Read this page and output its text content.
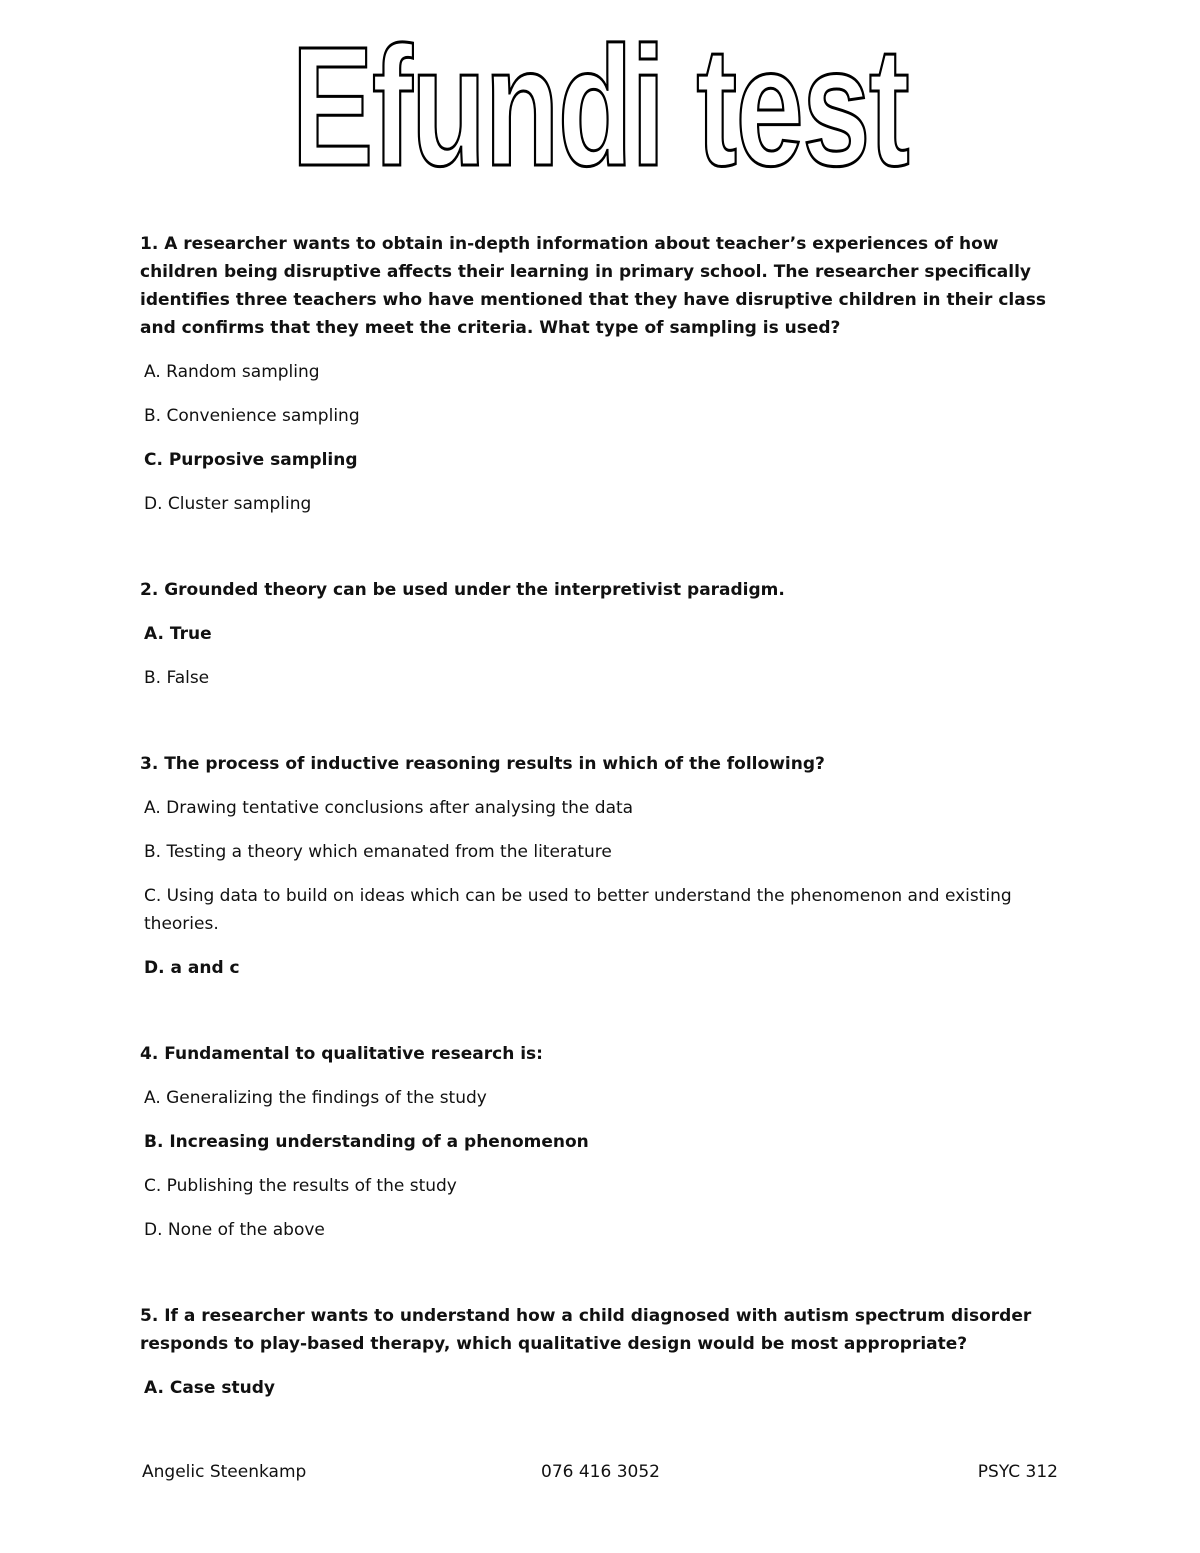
Efundi test

1. A researcher wants to obtain in-depth information about teacher’s experiences of how children being disruptive affects their learning in primary school. The researcher specifically identifies three teachers who have mentioned that they have disruptive children in their class and confirms that they meet the criteria. What type of sampling is used?

A. Random sampling

B. Convenience sampling

C. Purposive sampling

D. Cluster sampling

2. Grounded theory can be used under the interpretivist paradigm.

A. True

B. False

3. The process of inductive reasoning results in which of the following?

A. Drawing tentative conclusions after analysing the data

B. Testing a theory which emanated from the literature

C. Using data to build on ideas which can be used to better understand the phenomenon and existing theories.

D. a and c

4. Fundamental to qualitative research is:

A. Generalizing the findings of the study

B. Increasing understanding of a phenomenon

C. Publishing the results of the study

D. None of the above

5. If a researcher wants to understand how a child diagnosed with autism spectrum disorder responds to play-based therapy, which qualitative design would be most appropriate?

A. Case study

Angelic Steenkamp	076 416 3052	PSYC 312
